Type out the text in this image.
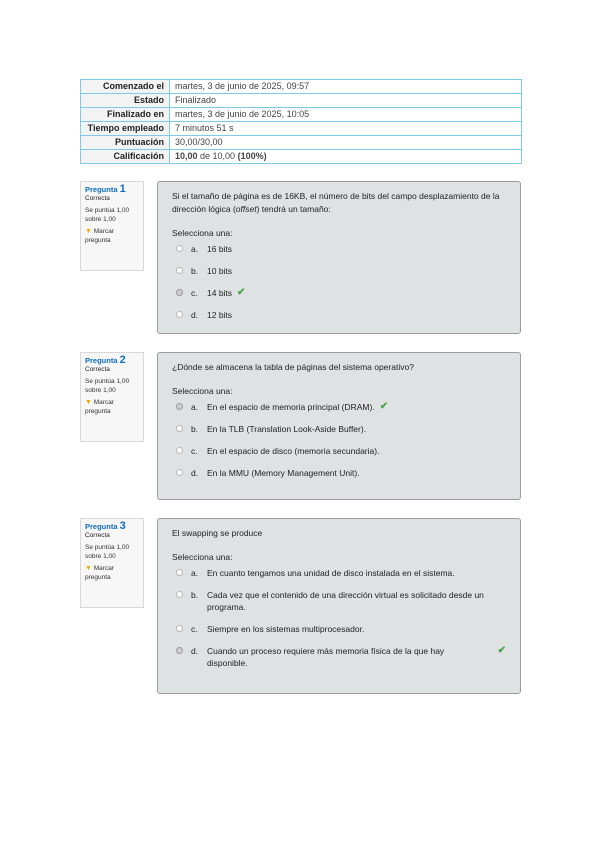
Comenzado el	martes, 3 de junio de 2025, 09:57
Estado	Finalizado
Finalizado en	martes, 3 de junio de 2025, 10:05
Tiempo empleado	7 minutos 51 s
Puntuación	30,00/30,00
Calificación	10,00 de 10,00 (100%)
Pregunta 1
Correcta
Se puntúa 1,00 sobre 1,00
▼ Marcar pregunta
Si el tamaño de página es de 16KB, el número de bits del campo desplazamiento de la dirección lógica (offset) tendrá un tamaño:
Selecciona una:
a.	16 bits
b.	10 bits
c.	14 bits ✔
d.	12 bits
Pregunta 2
Correcta
Se puntúa 1,00 sobre 1,00
▼ Marcar pregunta
¿Dónde se almacena la tabla de páginas del sistema operativo?
Selecciona una:
a.	En el espacio de memoria principal (DRAM). ✔
b.	En la TLB (Translation Look-Aside Buffer).
c.	En el espacio de disco (memoria secundaria).
d.	En la MMU (Memory Management Unit).
Pregunta 3
Correcta
Se puntúa 1,00 sobre 1,00
▼ Marcar pregunta
El swapping se produce
Selecciona una:
a.	En cuanto tengamos una unidad de disco instalada en el sistema.
b.	Cada vez que el contenido de una dirección virtual es solicitado desde un programa.
c.	Siempre en los sistemas multiprocesador.
d.	Cuando un proceso requiere más memoria física de la que hay disponible.
✔
